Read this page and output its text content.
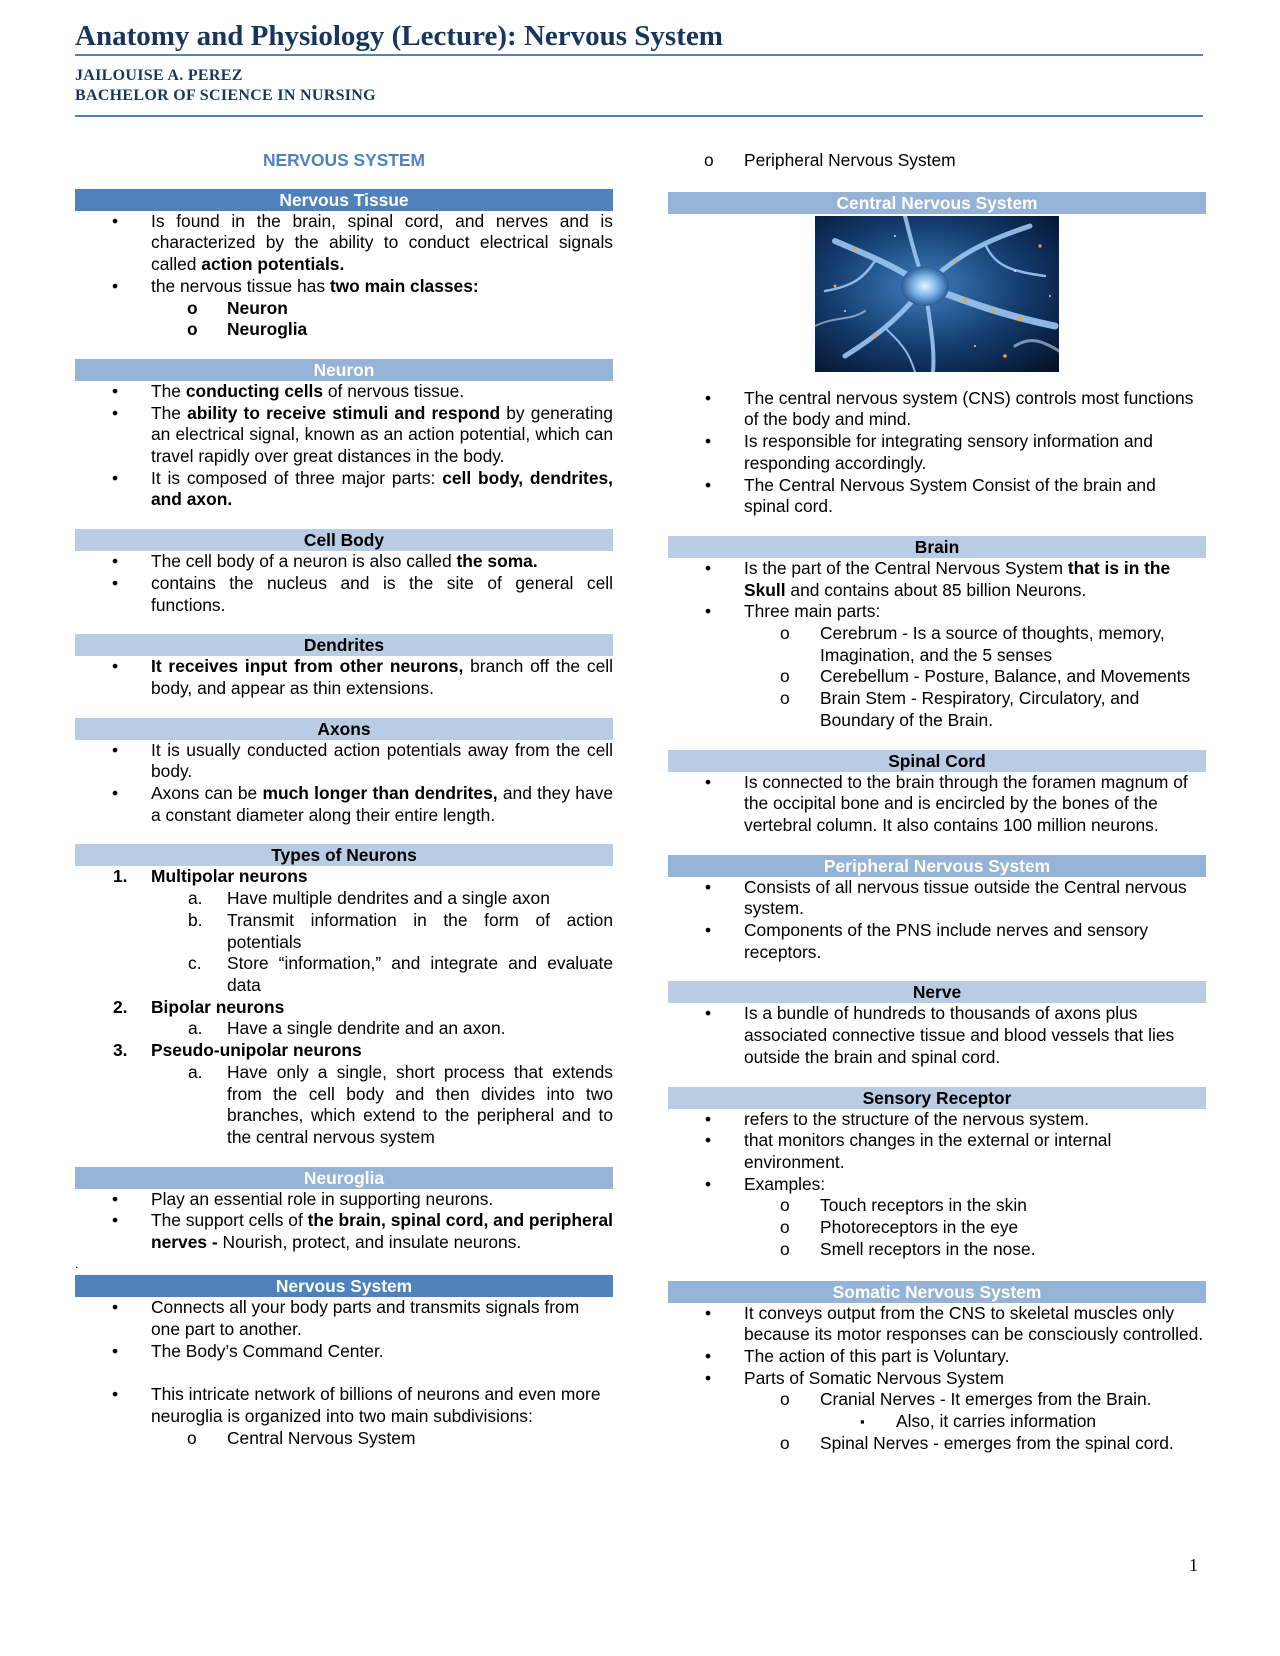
Anatomy and Physiology (Lecture): Nervous System
JAILOUISE A. PEREZ
BACHELOR OF SCIENCE IN NURSING
NERVOUS SYSTEM
Nervous Tissue
• Is found in the brain, spinal cord, and nerves and is characterized by the ability to conduct electrical signals called action potentials.
• the nervous tissue has two main classes:
o Neuron
o Neuroglia
Neuron
• The conducting cells of nervous tissue.
• The ability to receive stimuli and respond by generating an electrical signal, known as an action potential, which can travel rapidly over great distances in the body.
• It is composed of three major parts: cell body, dendrites, and axon.
Cell Body
• The cell body of a neuron is also called the soma.
• contains the nucleus and is the site of general cell functions.
Dendrites
• It receives input from other neurons, branch off the cell body, and appear as thin extensions.
Axons
• It is usually conducted action potentials away from the cell body.
• Axons can be much longer than dendrites, and they have a constant diameter along their entire length.
Types of Neurons
1. Multipolar neurons
a. Have multiple dendrites and a single axon
b. Transmit information in the form of action potentials
c. Store “information,” and integrate and evaluate data
2. Bipolar neurons
a. Have a single dendrite and an axon.
3. Pseudo-unipolar neurons
a. Have only a single, short process that extends from the cell body and then divides into two branches, which extend to the peripheral and to the central nervous system
Neuroglia
• Play an essential role in supporting neurons.
• The support cells of the brain, spinal cord, and peripheral nerves - Nourish, protect, and insulate neurons.
.
Nervous System
• Connects all your body parts and transmits signals from one part to another.
• The Body’s Command Center.
• This intricate network of billions of neurons and even more neuroglia is organized into two main subdivisions:
o Central Nervous System
o Peripheral Nervous System
Central Nervous System
• The central nervous system (CNS) controls most functions of the body and mind.
• Is responsible for integrating sensory information and responding accordingly.
• The Central Nervous System Consist of the brain and spinal cord.
Brain
• Is the part of the Central Nervous System that is in the Skull and contains about 85 billion Neurons.
• Three main parts:
o Cerebrum - Is a source of thoughts, memory, Imagination, and the 5 senses
o Cerebellum - Posture, Balance, and Movements
o Brain Stem - Respiratory, Circulatory, and Boundary of the Brain.
Spinal Cord
• Is connected to the brain through the foramen magnum of the occipital bone and is encircled by the bones of the vertebral column. It also contains 100 million neurons.
Peripheral Nervous System
• Consists of all nervous tissue outside the Central nervous system.
• Components of the PNS include nerves and sensory receptors.
Nerve
• Is a bundle of hundreds to thousands of axons plus associated connective tissue and blood vessels that lies outside the brain and spinal cord.
Sensory Receptor
• refers to the structure of the nervous system.
• that monitors changes in the external or internal environment.
• Examples:
o Touch receptors in the skin
o Photoreceptors in the eye
o Smell receptors in the nose.
Somatic Nervous System
• It conveys output from the CNS to skeletal muscles only because its motor responses can be consciously controlled.
• The action of this part is Voluntary.
• Parts of Somatic Nervous System
o Cranial Nerves - It emerges from the Brain.
▪ Also, it carries information
o Spinal Nerves - emerges from the spinal cord.
1
